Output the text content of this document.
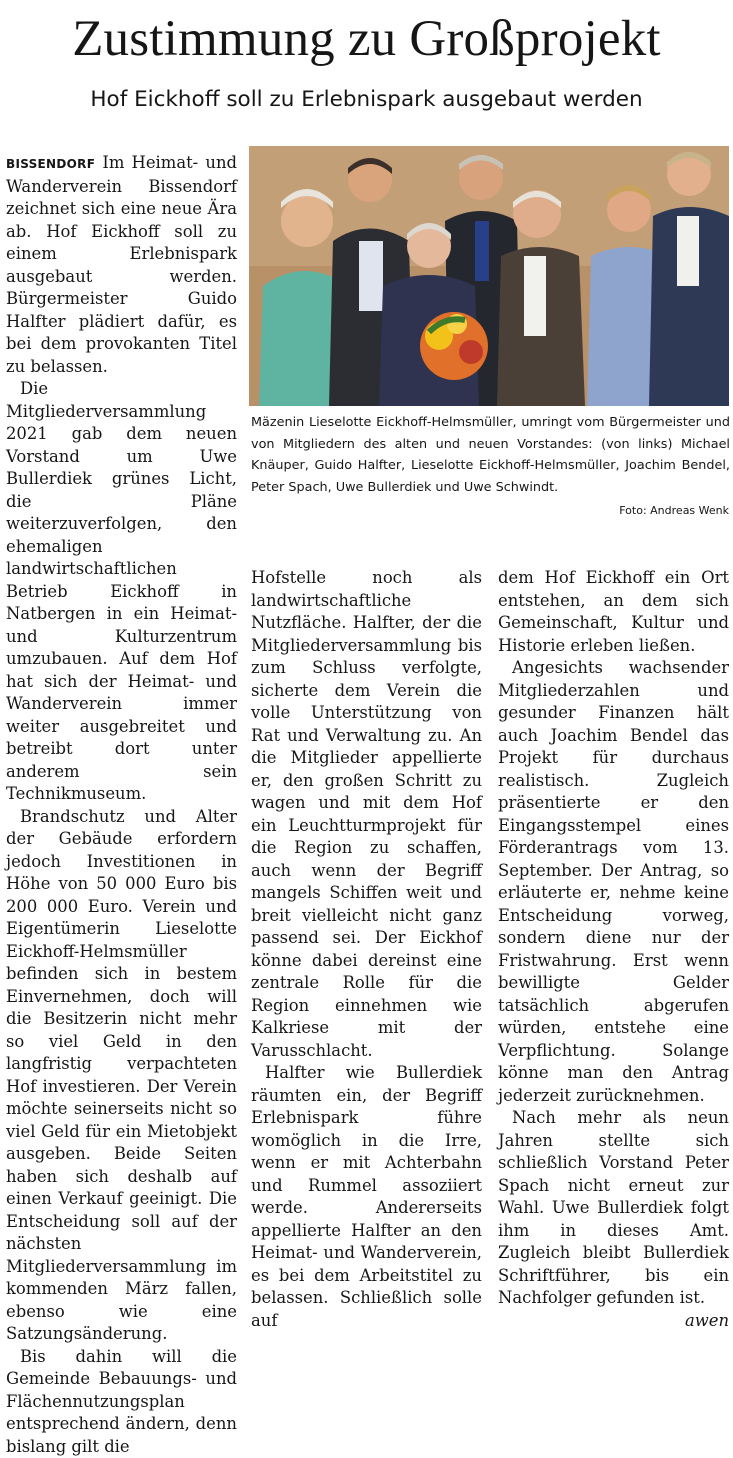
Zustimmung zu Großprojekt
Hof Eickhoff soll zu Erlebnispark ausgebaut werden

BISSENDORF Im Heimat- und Wanderverein Bissendorf zeichnet sich eine neue Ära ab. Hof Eickhoff soll zu einem Erlebnispark ausgebaut werden. Bürgermeister Guido Halfter plädiert dafür, es bei dem provokanten Titel zu belassen.

Die Mitgliederversammlung 2021 gab dem neuen Vorstand um Uwe Bullerdiek grünes Licht, die Pläne weiterzuverfolgen, den ehemaligen landwirtschaftlichen Betrieb Eickhoff in Natbergen in ein Heimat- und Kulturzentrum umzubauen. Auf dem Hof hat sich der Heimat- und Wanderverein immer weiter ausgebreitet und betreibt dort unter anderem sein Technikmuseum.

Brandschutz und Alter der Gebäude erfordern jedoch Investitionen in Höhe von 50 000 Euro bis 200 000 Euro. Verein und Eigentümerin Lieselotte Eickhoff-Helmsmüller befinden sich in bestem Einvernehmen, doch will die Besitzerin nicht mehr so viel Geld in den langfristig verpachteten Hof investieren. Der Verein möchte seinerseits nicht so viel Geld für ein Mietobjekt ausgeben. Beide Seiten haben sich deshalb auf einen Verkauf geeinigt. Die Entscheidung soll auf der nächsten Mitgliederversammlung im kommenden März fallen, ebenso wie eine Satzungsänderung.

Bis dahin will die Gemeinde Bebauungs- und Flächennutzungsplan entsprechend ändern, denn bislang gilt die

Mäzenin Lieselotte Eickhoff-Helmsmüller, umringt vom Bürgermeister und von Mitgliedern des alten und neuen Vorstandes: (von links) Michael Knäuper, Guido Halfter, Lieselotte Eickhoff-Helmsmüller, Joachim Bendel, Peter Spach, Uwe Bullerdiek und Uwe Schwindt.
Foto: Andreas Wenk

Hofstelle noch als landwirtschaftliche Nutzfläche. Halfter, der die Mitgliederversammlung bis zum Schluss verfolgte, sicherte dem Verein die volle Unterstützung von Rat und Verwaltung zu. An die Mitglieder appellierte er, den großen Schritt zu wagen und mit dem Hof ein Leuchtturmprojekt für die Region zu schaffen, auch wenn der Begriff mangels Schiffen weit und breit vielleicht nicht ganz passend sei. Der Eickhof könne dabei dereinst eine zentrale Rolle für die Region einnehmen wie Kalkriese mit der Varusschlacht.

Halfter wie Bullerdiek räumten ein, der Begriff Erlebnispark führe womöglich in die Irre, wenn er mit Achterbahn und Rummel assoziiert werde. Andererseits appellierte Halfter an den Heimat- und Wanderverein, es bei dem Arbeitstitel zu belassen. Schließlich solle auf

dem Hof Eickhoff ein Ort entstehen, an dem sich Gemeinschaft, Kultur und Historie erleben ließen.

Angesichts wachsender Mitgliederzahlen und gesunder Finanzen hält auch Joachim Bendel das Projekt für durchaus realistisch. Zugleich präsentierte er den Eingangsstempel eines Förderantrags vom 13. September. Der Antrag, so erläuterte er, nehme keine Entscheidung vorweg, sondern diene nur der Fristwahrung. Erst wenn bewilligte Gelder tatsächlich abgerufen würden, entstehe eine Verpflichtung. Solange könne man den Antrag jederzeit zurücknehmen.

Nach mehr als neun Jahren stellte sich schließlich Vorstand Peter Spach nicht erneut zur Wahl. Uwe Bullerdiek folgt ihm in dieses Amt. Zugleich bleibt Bullerdiek Schriftführer, bis ein Nachfolger gefunden ist.

awen
